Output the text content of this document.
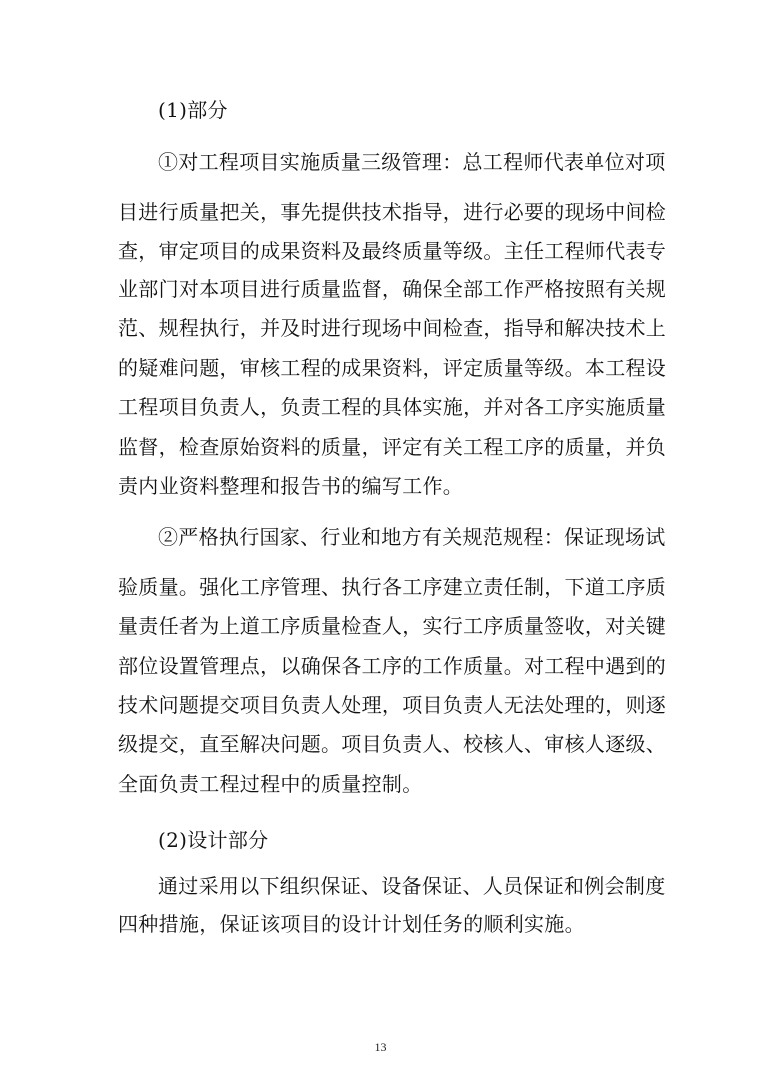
(1)部分
①对工程项目实施质量三级管理：总工程师代表单位对项
目进行质量把关，事先提供技术指导，进行必要的现场中间检
查，审定项目的成果资料及最终质量等级。主任工程师代表专
业部门对本项目进行质量监督，确保全部工作严格按照有关规
范、规程执行，并及时进行现场中间检查，指导和解决技术上
的疑难问题，审核工程的成果资料，评定质量等级。本工程设
工程项目负责人，负责工程的具体实施，并对各工序实施质量
监督，检查原始资料的质量，评定有关工程工序的质量，并负
责内业资料整理和报告书的编写工作。
②严格执行国家、行业和地方有关规范规程：保证现场试
验质量。强化工序管理、执行各工序建立责任制，下道工序质
量责任者为上道工序质量检查人，实行工序质量签收，对关键
部位设置管理点，以确保各工序的工作质量。对工程中遇到的
技术问题提交项目负责人处理，项目负责人无法处理的，则逐
级提交，直至解决问题。项目负责人、校核人、审核人逐级、
全面负责工程过程中的质量控制。
(2)设计部分
通过采用以下组织保证、设备保证、人员保证和例会制度
四种措施，保证该项目的设计计划任务的顺利实施。
13
